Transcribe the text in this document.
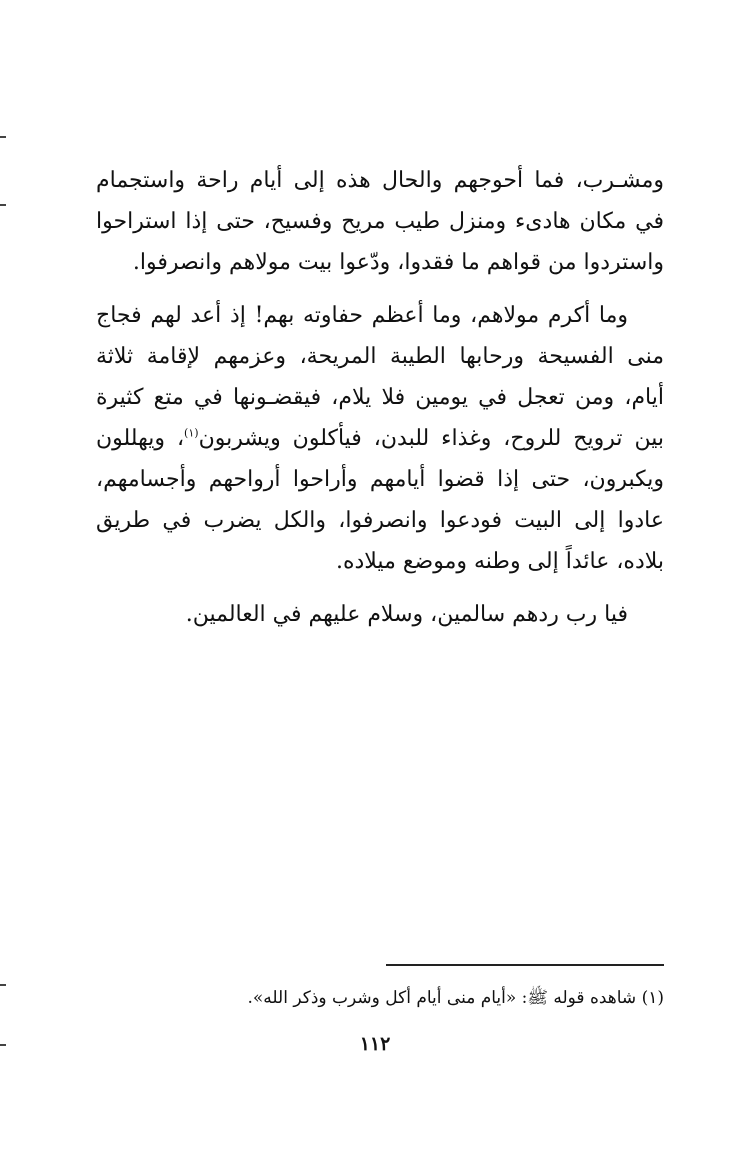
ومشـرب، فما أحوجهم والحال هذه إلى أيام راحة واستجمام في مكان هادىء ومنزل طيب مريح وفسيح، حتى إذا استراحوا واستردوا من قواهم ما فقدوا، ودّعوا بيت مولاهم وانصرفوا.

وما أكرم مولاهم، وما أعظم حفاوته بهم! إذ أعد لهم فجاج منى الفسيحة ورحابها الطيبة المريحة، وعزمهم لإقامة ثلاثة أيام، ومن تعجل في يومين فلا يلام، فيقضـونها في متع كثيرة بين ترويح للروح، وغذاء للبدن، فيأكلون ويشربون$^{(١)}$، ويهللون ويكبرون، حتى إذا قضوا أيامهم وأراحوا أرواحهم وأجسامهم، عادوا إلى البيت فودعوا وانصرفوا، والكل يضرب في طريق بلاده، عائداً إلى وطنه وموضع ميلاده.

فيا رب ردهم سالمين، وسلام عليهم في العالمين.

(١) شاهده قوله ﷺ: «أيام منى أيام أكل وشرب وذكر الله».
١١٢
